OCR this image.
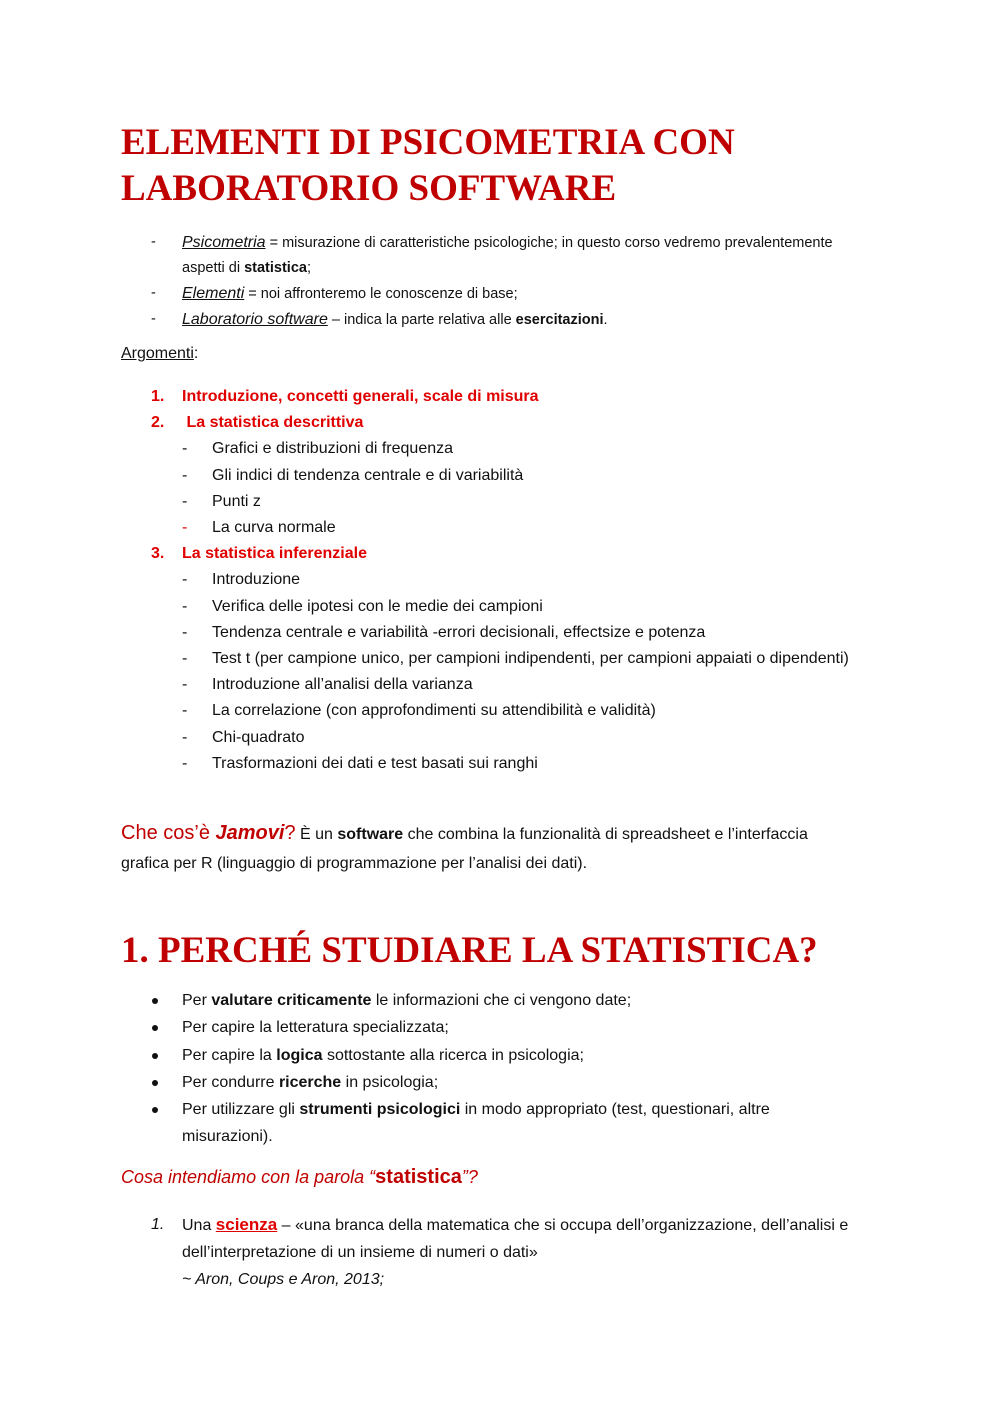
ELEMENTI DI PSICOMETRIA CON
LABORATORIO SOFTWARE
- Psicometria = misurazione di caratteristiche psicologiche; in questo corso vedremo prevalentemente aspetti di statistica;
- Elementi = noi affronteremo le conoscenze di base;
- Laboratorio software – indica la parte relativa alle esercitazioni.
Argomenti:
1. Introduzione, concetti generali, scale di misura
2. La statistica descrittiva
- Grafici e distribuzioni di frequenza
- Gli indici di tendenza centrale e di variabilità
- Punti z
- La curva normale
3. La statistica inferenziale
- Introduzione
- Verifica delle ipotesi con le medie dei campioni
- Tendenza centrale e variabilità -errori decisionali, effectsize e potenza
- Test t (per campione unico, per campioni indipendenti, per campioni appaiati o dipendenti)
- Introduzione all’analisi della varianza
- La correlazione (con approfondimenti su attendibilità e validità)
- Chi-quadrato
- Trasformazioni dei dati e test basati sui ranghi
Che cos’è Jamovi? È un software che combina la funzionalità di spreadsheet e l’interfaccia grafica per R (linguaggio di programmazione per l’analisi dei dati).
1. PERCHÉ STUDIARE LA STATISTICA?
Per valutare criticamente le informazioni che ci vengono date;
Per capire la letteratura specializzata;
Per capire la logica sottostante alla ricerca in psicologia;
Per condurre ricerche in psicologia;
Per utilizzare gli strumenti psicologici in modo appropriato (test, questionari, altre misurazioni).
Cosa intendiamo con la parola “statistica”?
1. Una scienza – «una branca della matematica che si occupa dell’organizzazione, dell’analisi e dell’interpretazione di un insieme di numeri o dati»
~ Aron, Coups e Aron, 2013;
